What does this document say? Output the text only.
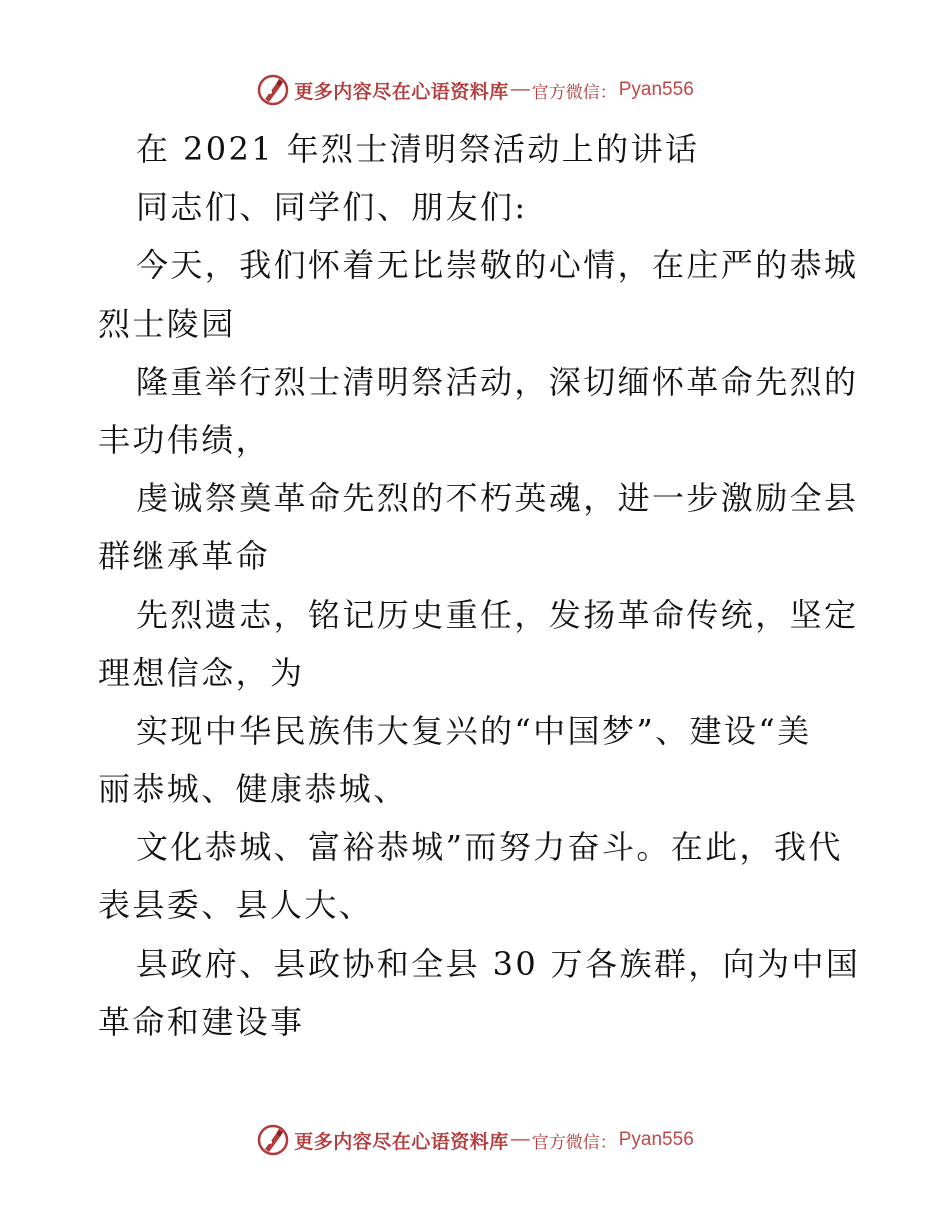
更多内容尽在心语资料库 — 官方微信： Pyan556
在 2021 年烈士清明祭活动上的讲话
同志们、同学们、朋友们:
今天，我们怀着无比崇敬的心情，在庄严的恭城
烈士陵园
隆重举行烈士清明祭活动，深切缅怀革命先烈的
丰功伟绩，
虔诚祭奠革命先烈的不朽英魂，进一步激励全县
群继承革命
先烈遗志，铭记历史重任，发扬革命传统，坚定
理想信念，为
实现中华民族伟大复兴的“中国梦”、建设“美
丽恭城、健康恭城、
文化恭城、富裕恭城”而努力奋斗。在此，我代
表县委、县人大、
县政府、县政协和全县 30 万各族群，向为中国
革命和建设事
更多内容尽在心语资料库 — 官方微信： Pyan556
